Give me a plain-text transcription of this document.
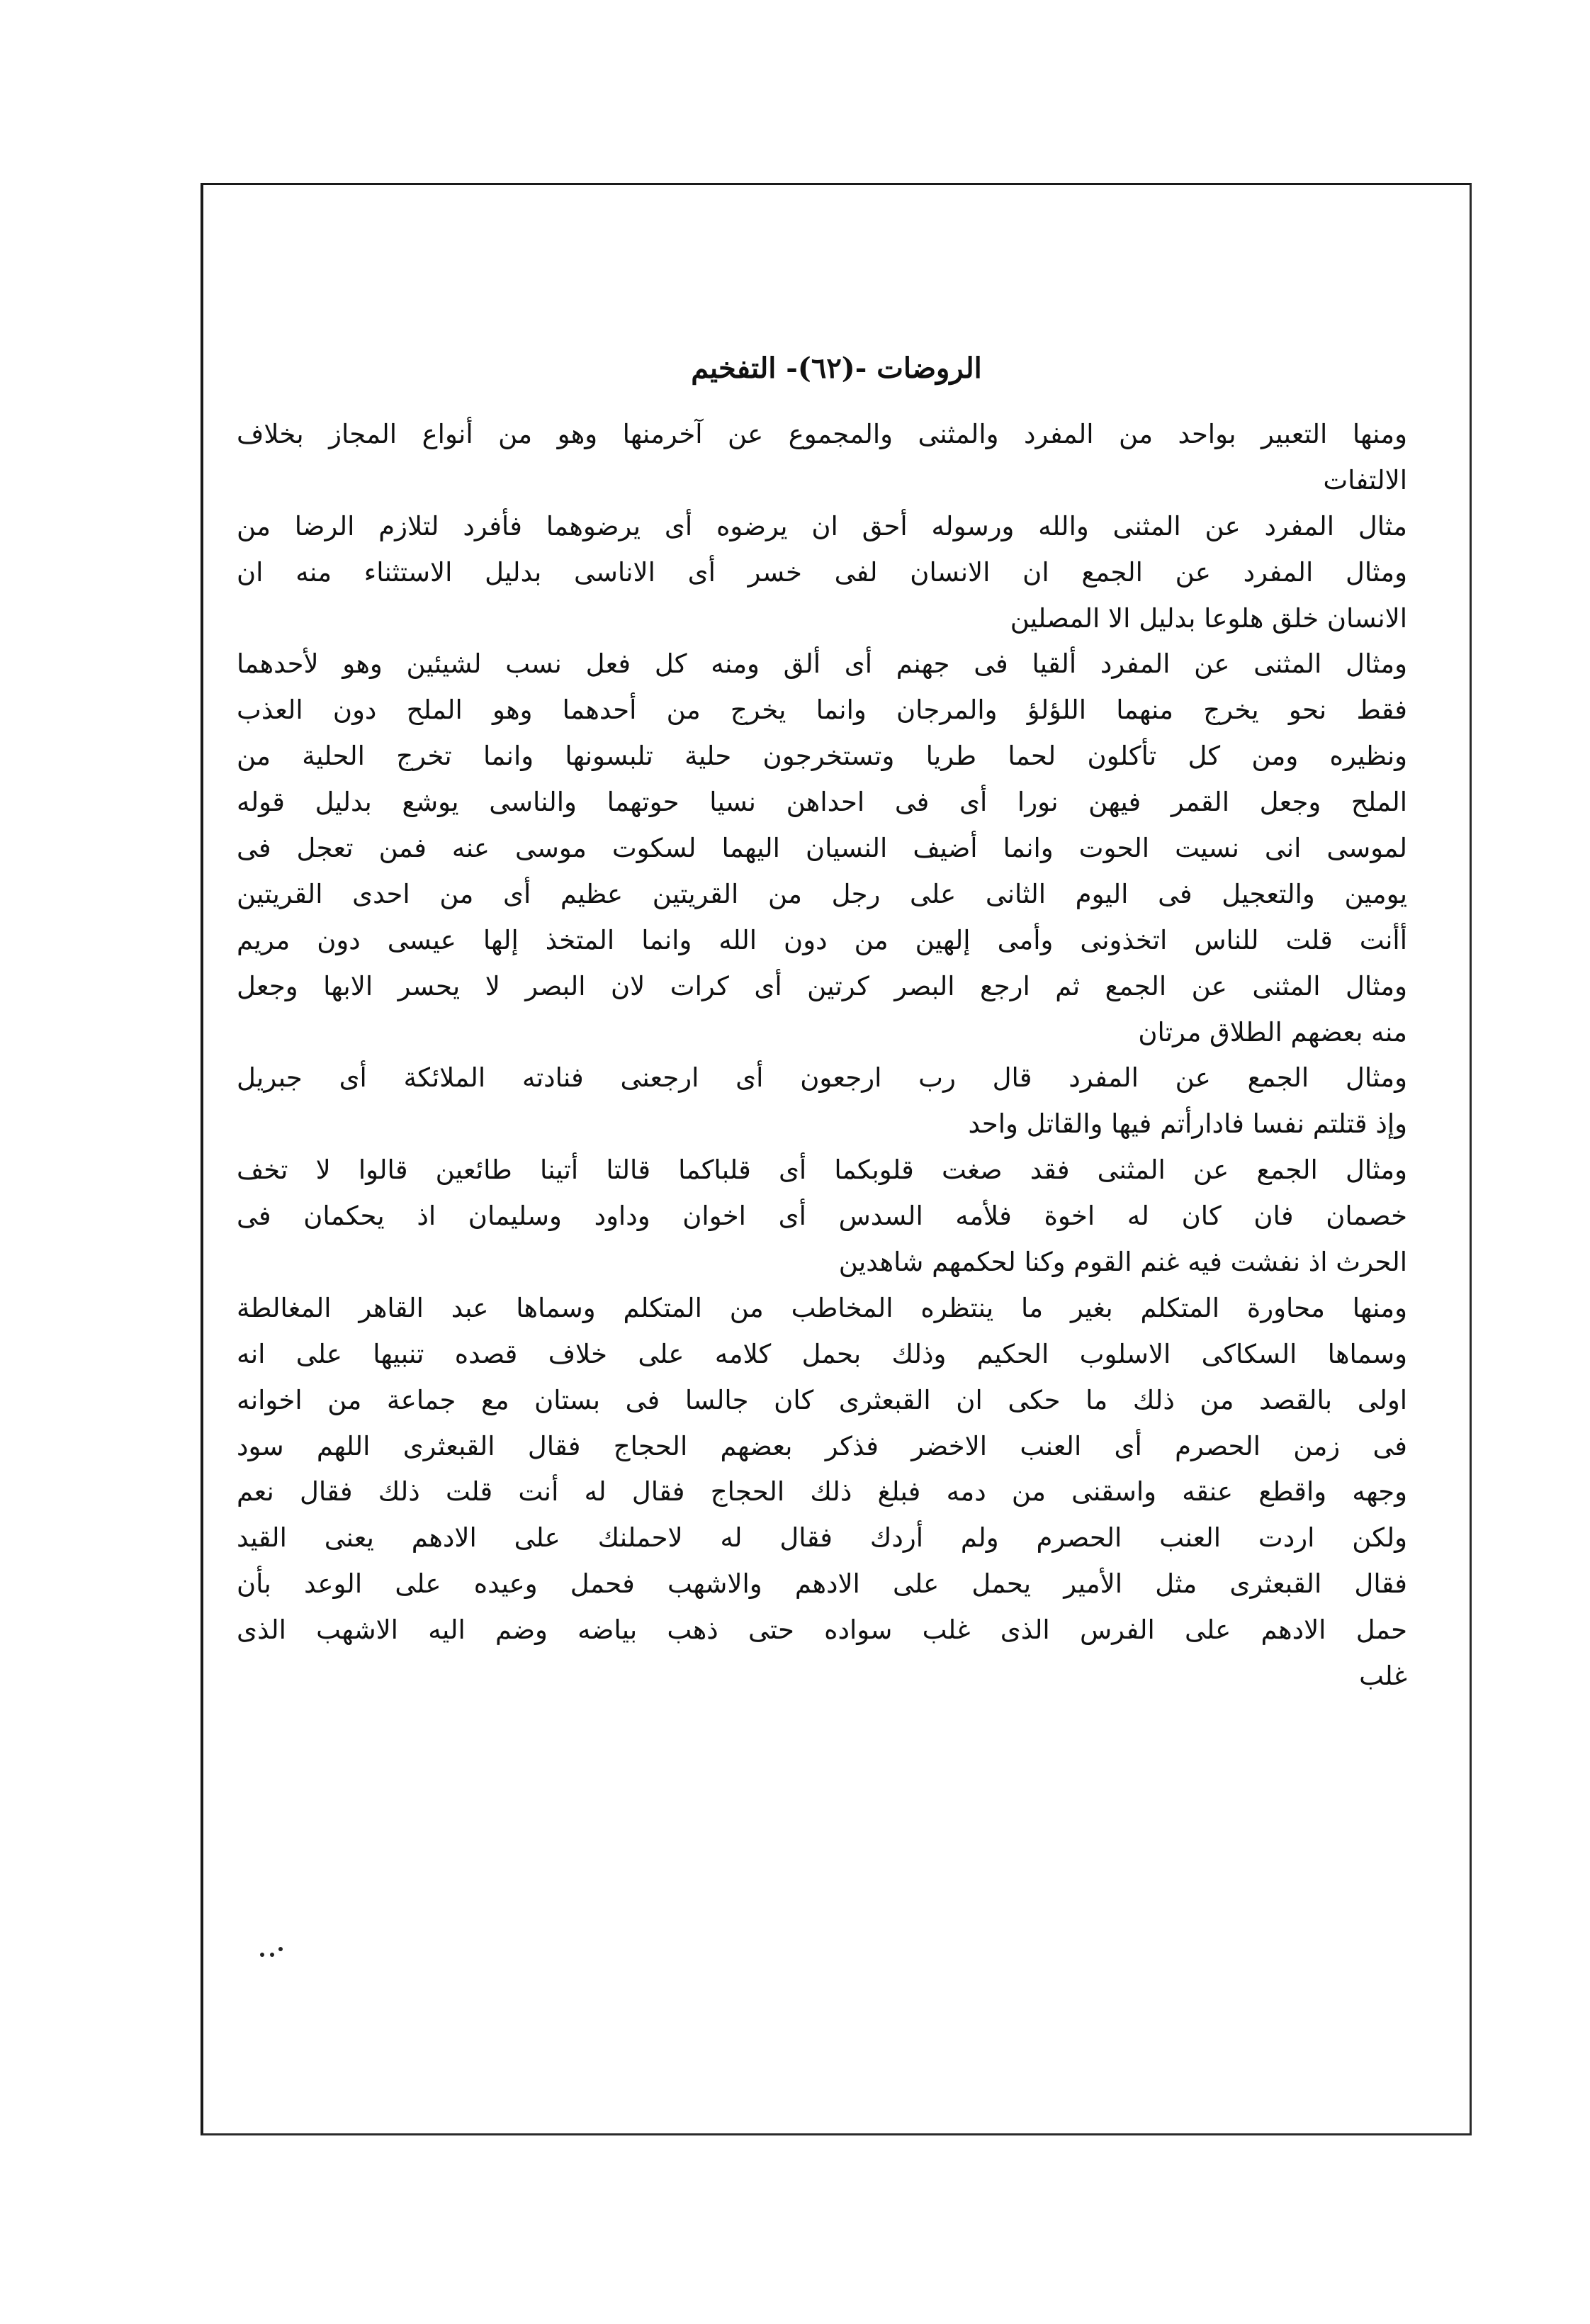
الروضات -(٦٢)- التفخيم
ومنها التعبير بواحد من المفرد والمثنى والمجموع عن آخرمنها وهو من أنواع المجاز بخلاف
الالتفات
مثال المفرد عن المثنى والله ورسوله أحق ان يرضوه أى يرضوهما فأفرد لتلازم الرضا من
ومثال المفرد عن الجمع ان الانسان لفى خسر أى الاناسى بدليل الاستثناء منه ان
الانسان خلق هلوعا بدليل الا المصلين
ومثال المثنى عن المفرد ألقيا فى جهنم أى ألق ومنه كل فعل نسب لشيئين وهو لأحدهما
فقط نحو يخرج منهما اللؤلؤ والمرجان وانما يخرج من أحدهما وهو الملح دون العذب
ونظيره ومن كل تأكلون لحما طريا وتستخرجون حلية تلبسونها وانما تخرج الحلية من
الملح وجعل القمر فيهن نورا أى فى احداهن نسيا حوتهما والناسى يوشع بدليل قوله
لموسى انى نسيت الحوت وانما أضيف النسيان اليهما لسكوت موسى عنه فمن تعجل فى
يومين والتعجيل فى اليوم الثانى على رجل من القريتين عظيم أى من احدى القريتين
أأنت قلت للناس اتخذونى وأمى إلهين من دون الله وانما المتخذ إلها عيسى دون مريم
ومثال المثنى عن الجمع ثم ارجع البصر كرتين أى كرات لان البصر لا يحسر الابها وجعل
منه بعضهم الطلاق مرتان
ومثال الجمع عن المفرد قال رب ارجعون أى ارجعنى فنادته الملائكة أى جبريل
وإذ قتلتم نفسا فادارأتم فيها والقاتل واحد
ومثال الجمع عن المثنى فقد صغت قلوبكما أى قلباكما قالتا أتينا طائعين قالوا لا تخف
خصمان فان كان له اخوة فلأمه السدس أى اخوان وداود وسليمان اذ يحكمان فى
الحرث اذ نفشت فيه غنم القوم وكنا لحكمهم شاهدين
ومنها محاورة المتكلم بغير ما ينتظره المخاطب من المتكلم وسماها عبد القاهر المغالطة
وسماها السكاكى الاسلوب الحكيم وذلك بحمل كلامه على خلاف قصده تنبيها على انه
اولى بالقصد من ذلك ما حكى ان القبعثرى كان جالسا فى بستان مع جماعة من اخوانه
فى زمن الحصرم أى العنب الاخضر فذكر بعضهم الحجاج فقال القبعثرى اللهم سود
وجهه واقطع عنقه واسقنى من دمه فبلغ ذلك الحجاج فقال له أنت قلت ذلك فقال نعم
ولكن اردت العنب الحصرم ولم أردك فقال له لاحملنك على الادهم يعنى القيد
فقال القبعثرى مثل الأمير يحمل على الادهم والاشهب فحمل وعيده على الوعد بأن
حمل الادهم على الفرس الذى غلب سواده حتى ذهب بياضه وضم اليه الاشهب الذى
غلب
